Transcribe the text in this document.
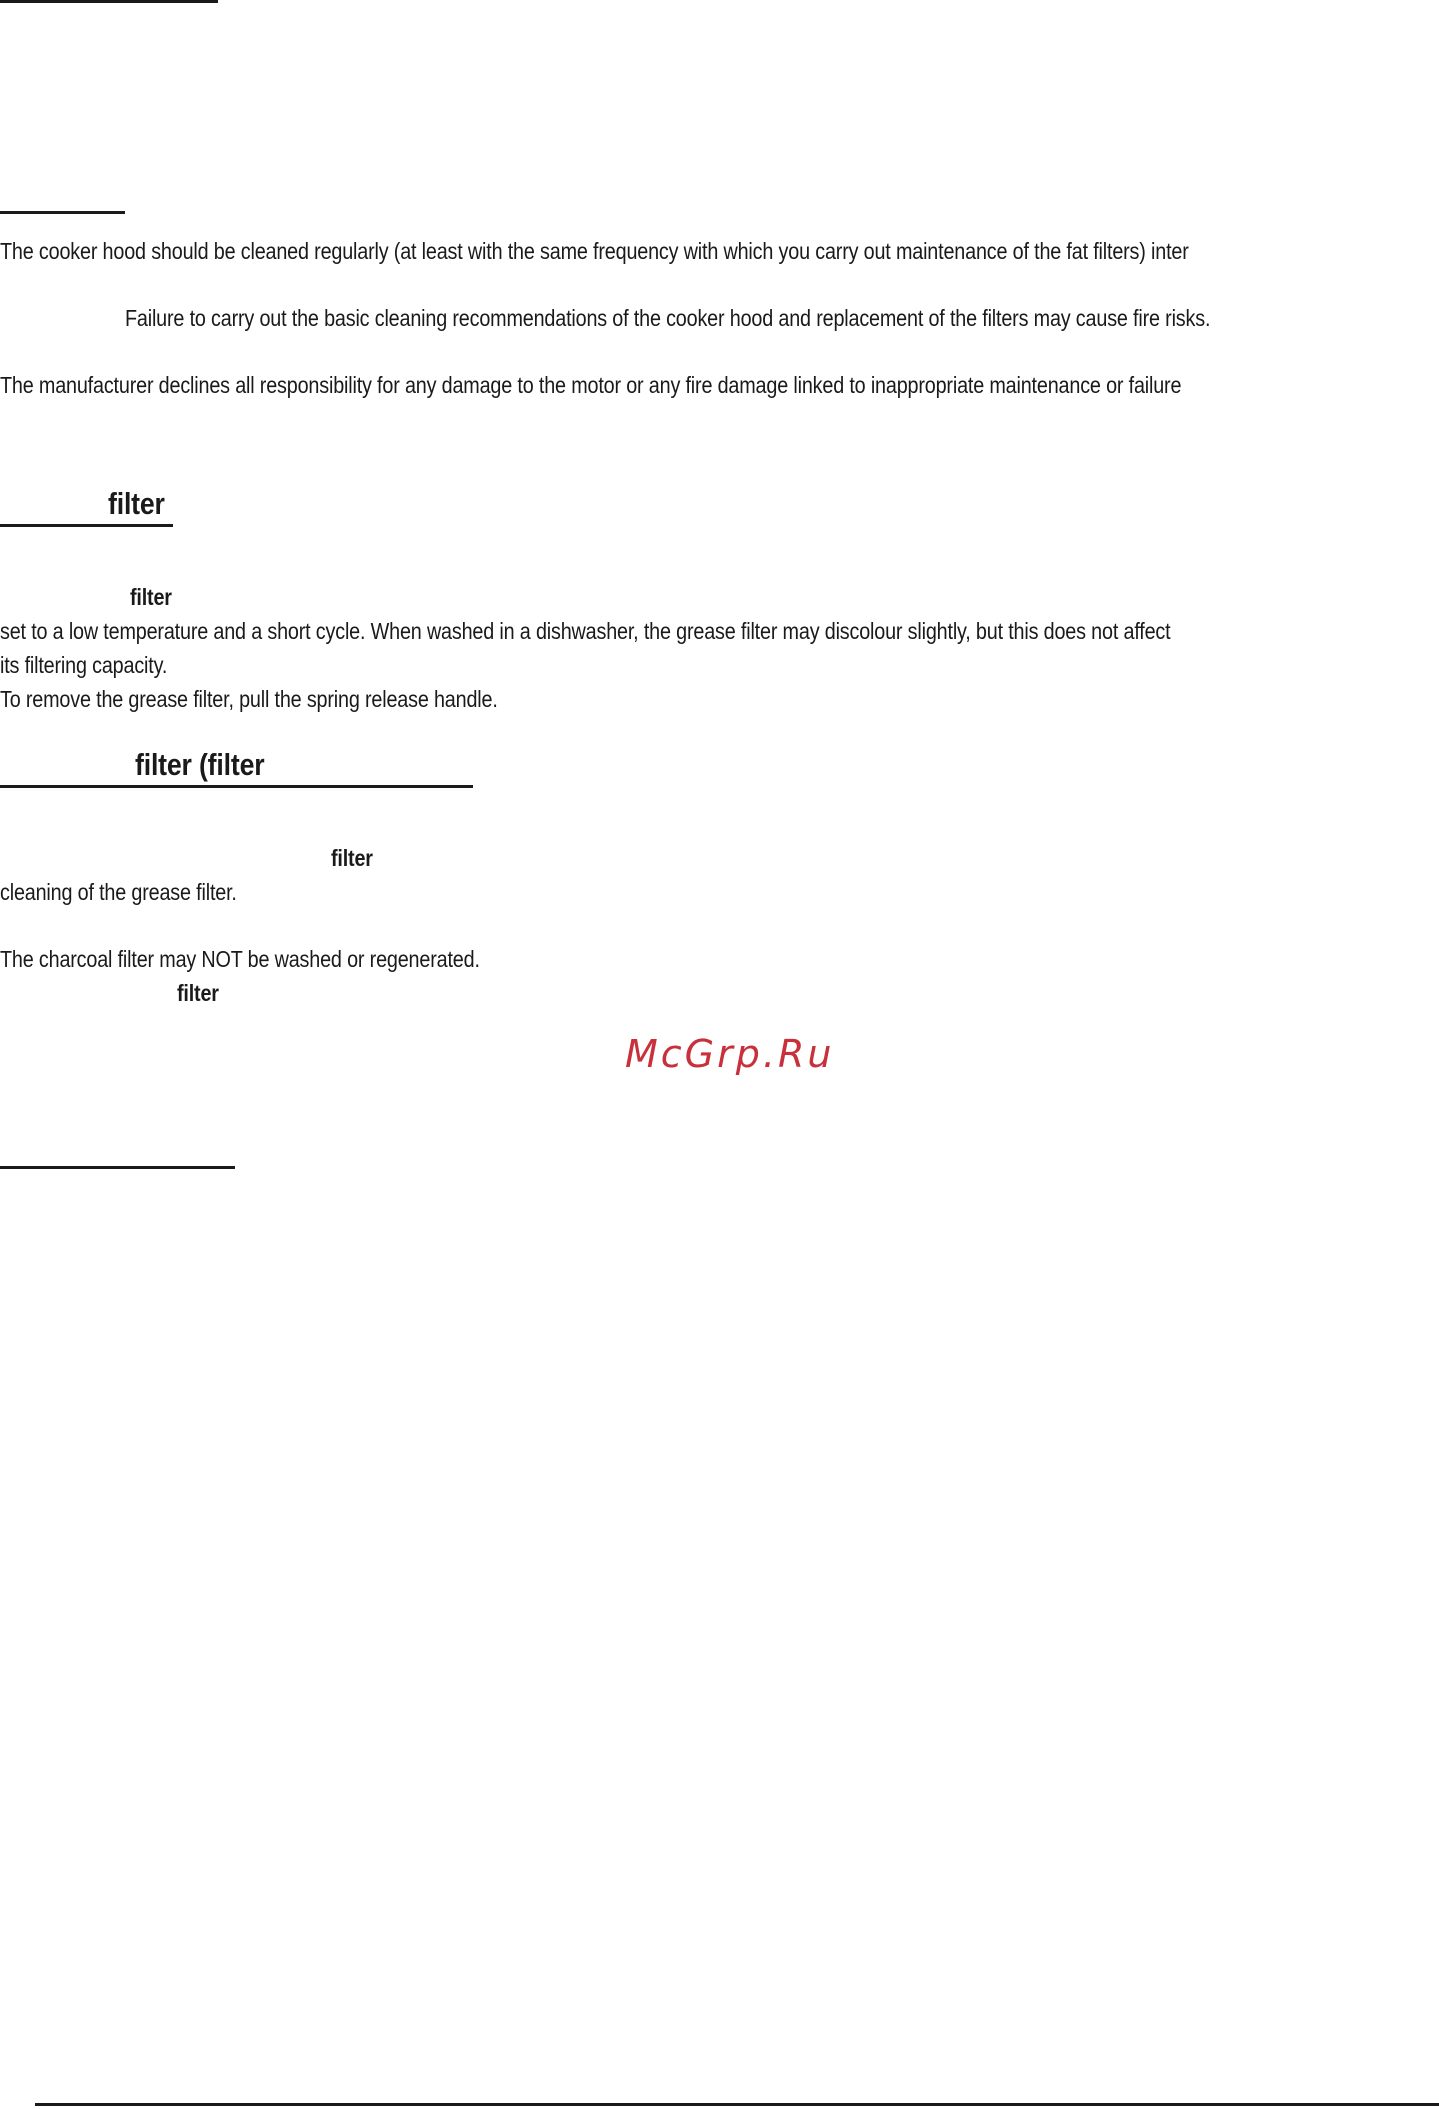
The cooker hood should be cleaned regularly (at least with the same frequency with which you carry out maintenance of the fat filters) inter

Failure to carry out the basic cleaning recommendations of the cooker hood and replacement of the filters may cause fire risks.

The manufacturer declines all responsibility for any damage to the motor or any fire damage linked to inappropriate maintenance or failure

filter

filter

set to a low temperature and a short cycle. When washed in a dishwasher, the grease filter may discolour slightly, but this does not affect

its filtering capacity.

To remove the grease filter, pull the spring release handle.

filter (filter

filter

cleaning of the grease filter.

The charcoal filter may NOT be washed or regenerated.

filter

McGrp.Ru
